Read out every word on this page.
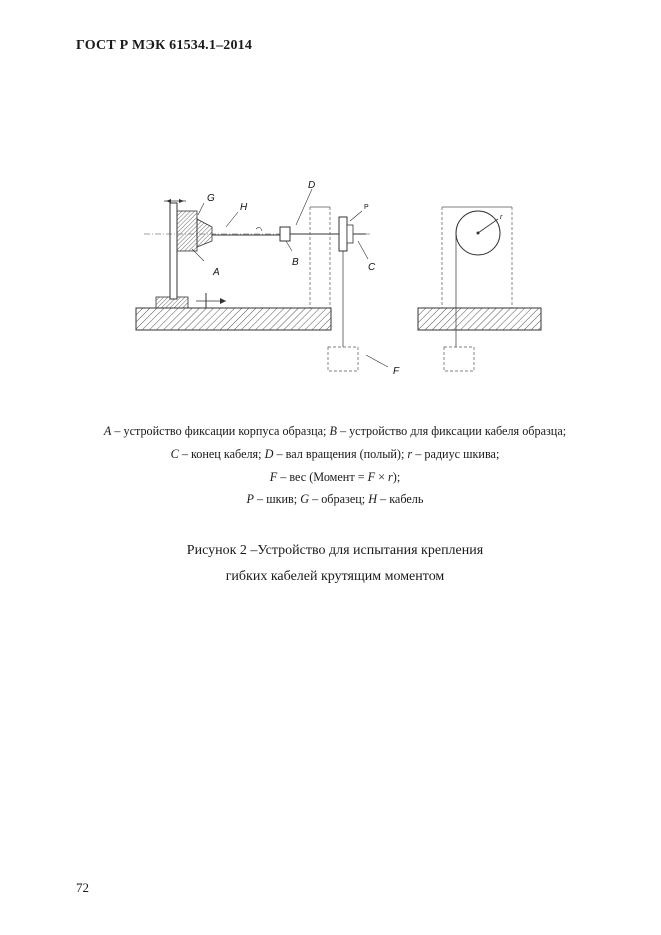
ГОСТ Р МЭК 61534.1–2014
G
H
A
D
B
P
C
F
r
A – устройство фиксации корпуса образца; B – устройство для фиксации кабеля образца;
C – конец кабеля; D – вал вращения (полый); r – радиус шкива;
F – вес (Момент = F × r);
P – шкив; G – образец; H – кабель
Рисунок 2 –Устройство для испытания крепления
гибких кабелей крутящим моментом
72
